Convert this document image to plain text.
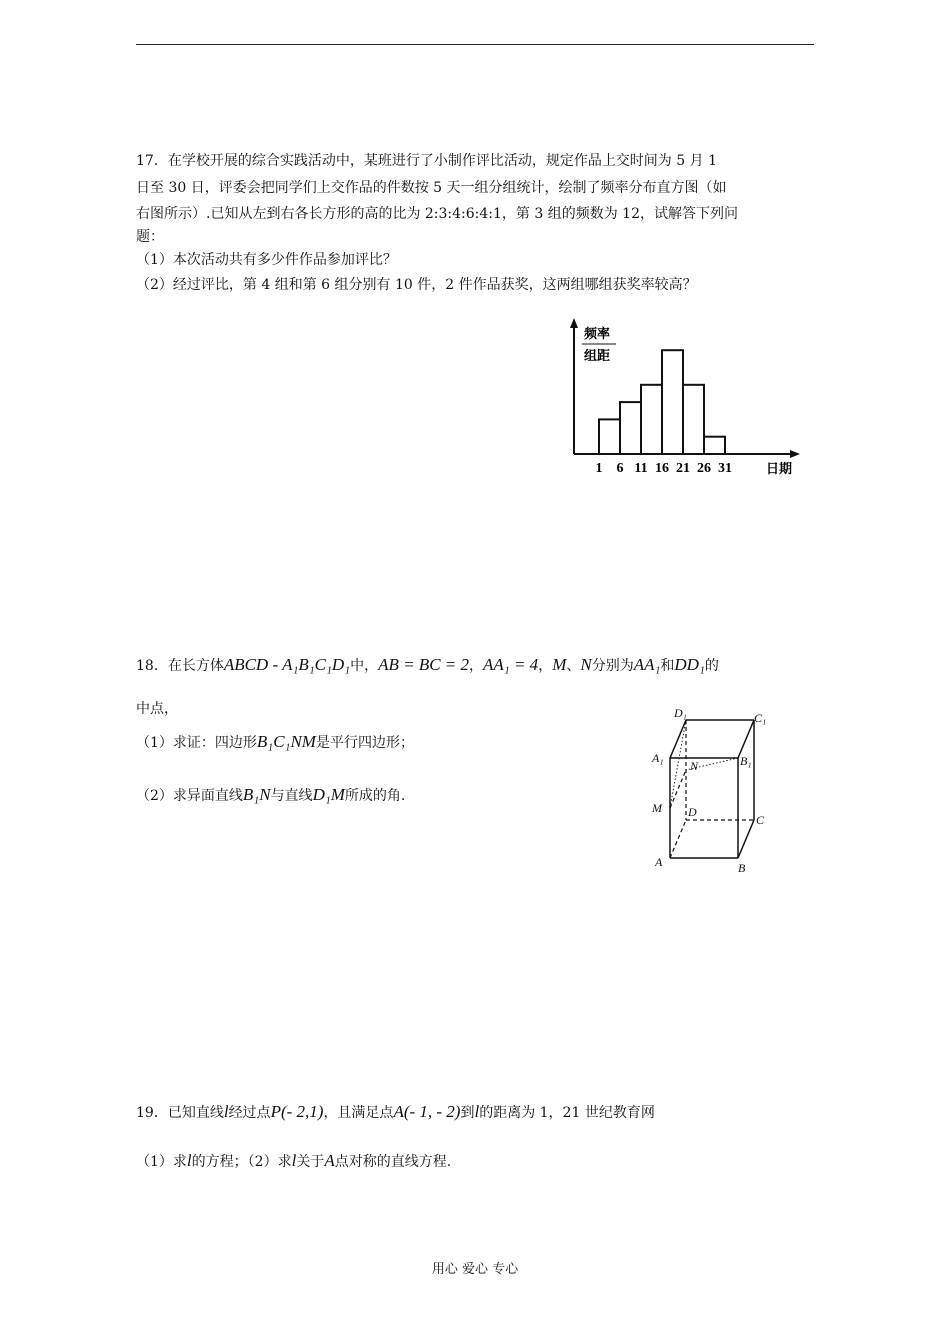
17．在学校开展的综合实践活动中，某班进行了小制作评比活动，规定作品上交时间为 5 月 1
日至 30 日，评委会把同学们上交作品的件数按 5 天一组分组统计，绘制了频率分布直方图（如
右图所示）.已知从左到右各长方形的高的比为 2:3:4:6:4:1，第 3 组的频数为 12，试解答下列问
题：
（1）本次活动共有多少件作品参加评比？
（2）经过评比，第 4 组和第 6 组分别有 10 件，2 件作品获奖，这两组哪组获奖率较高？
频率
组距
日期
1 6 11 16 21 26 31
18．在长方体ABCD - A₁B₁C₁D₁中，AB = BC = 2，AA₁ = 4，M、N分别为AA₁和DD₁的
中点，
（1）求证：四边形B₁C₁NM是平行四边形；
（2）求异面直线B₁N与直线D₁M所成的角.
D₁	C₁
A₁	B₁
N
M D
C
A	B
19．已知直线l经过点P(- 2,1)，且满足点A(- 1, - 2)到l的距离为 1，21 世纪教育网
（1）求l的方程；（2）求l关于A点对称的直线方程.
用心 爱心 专心
